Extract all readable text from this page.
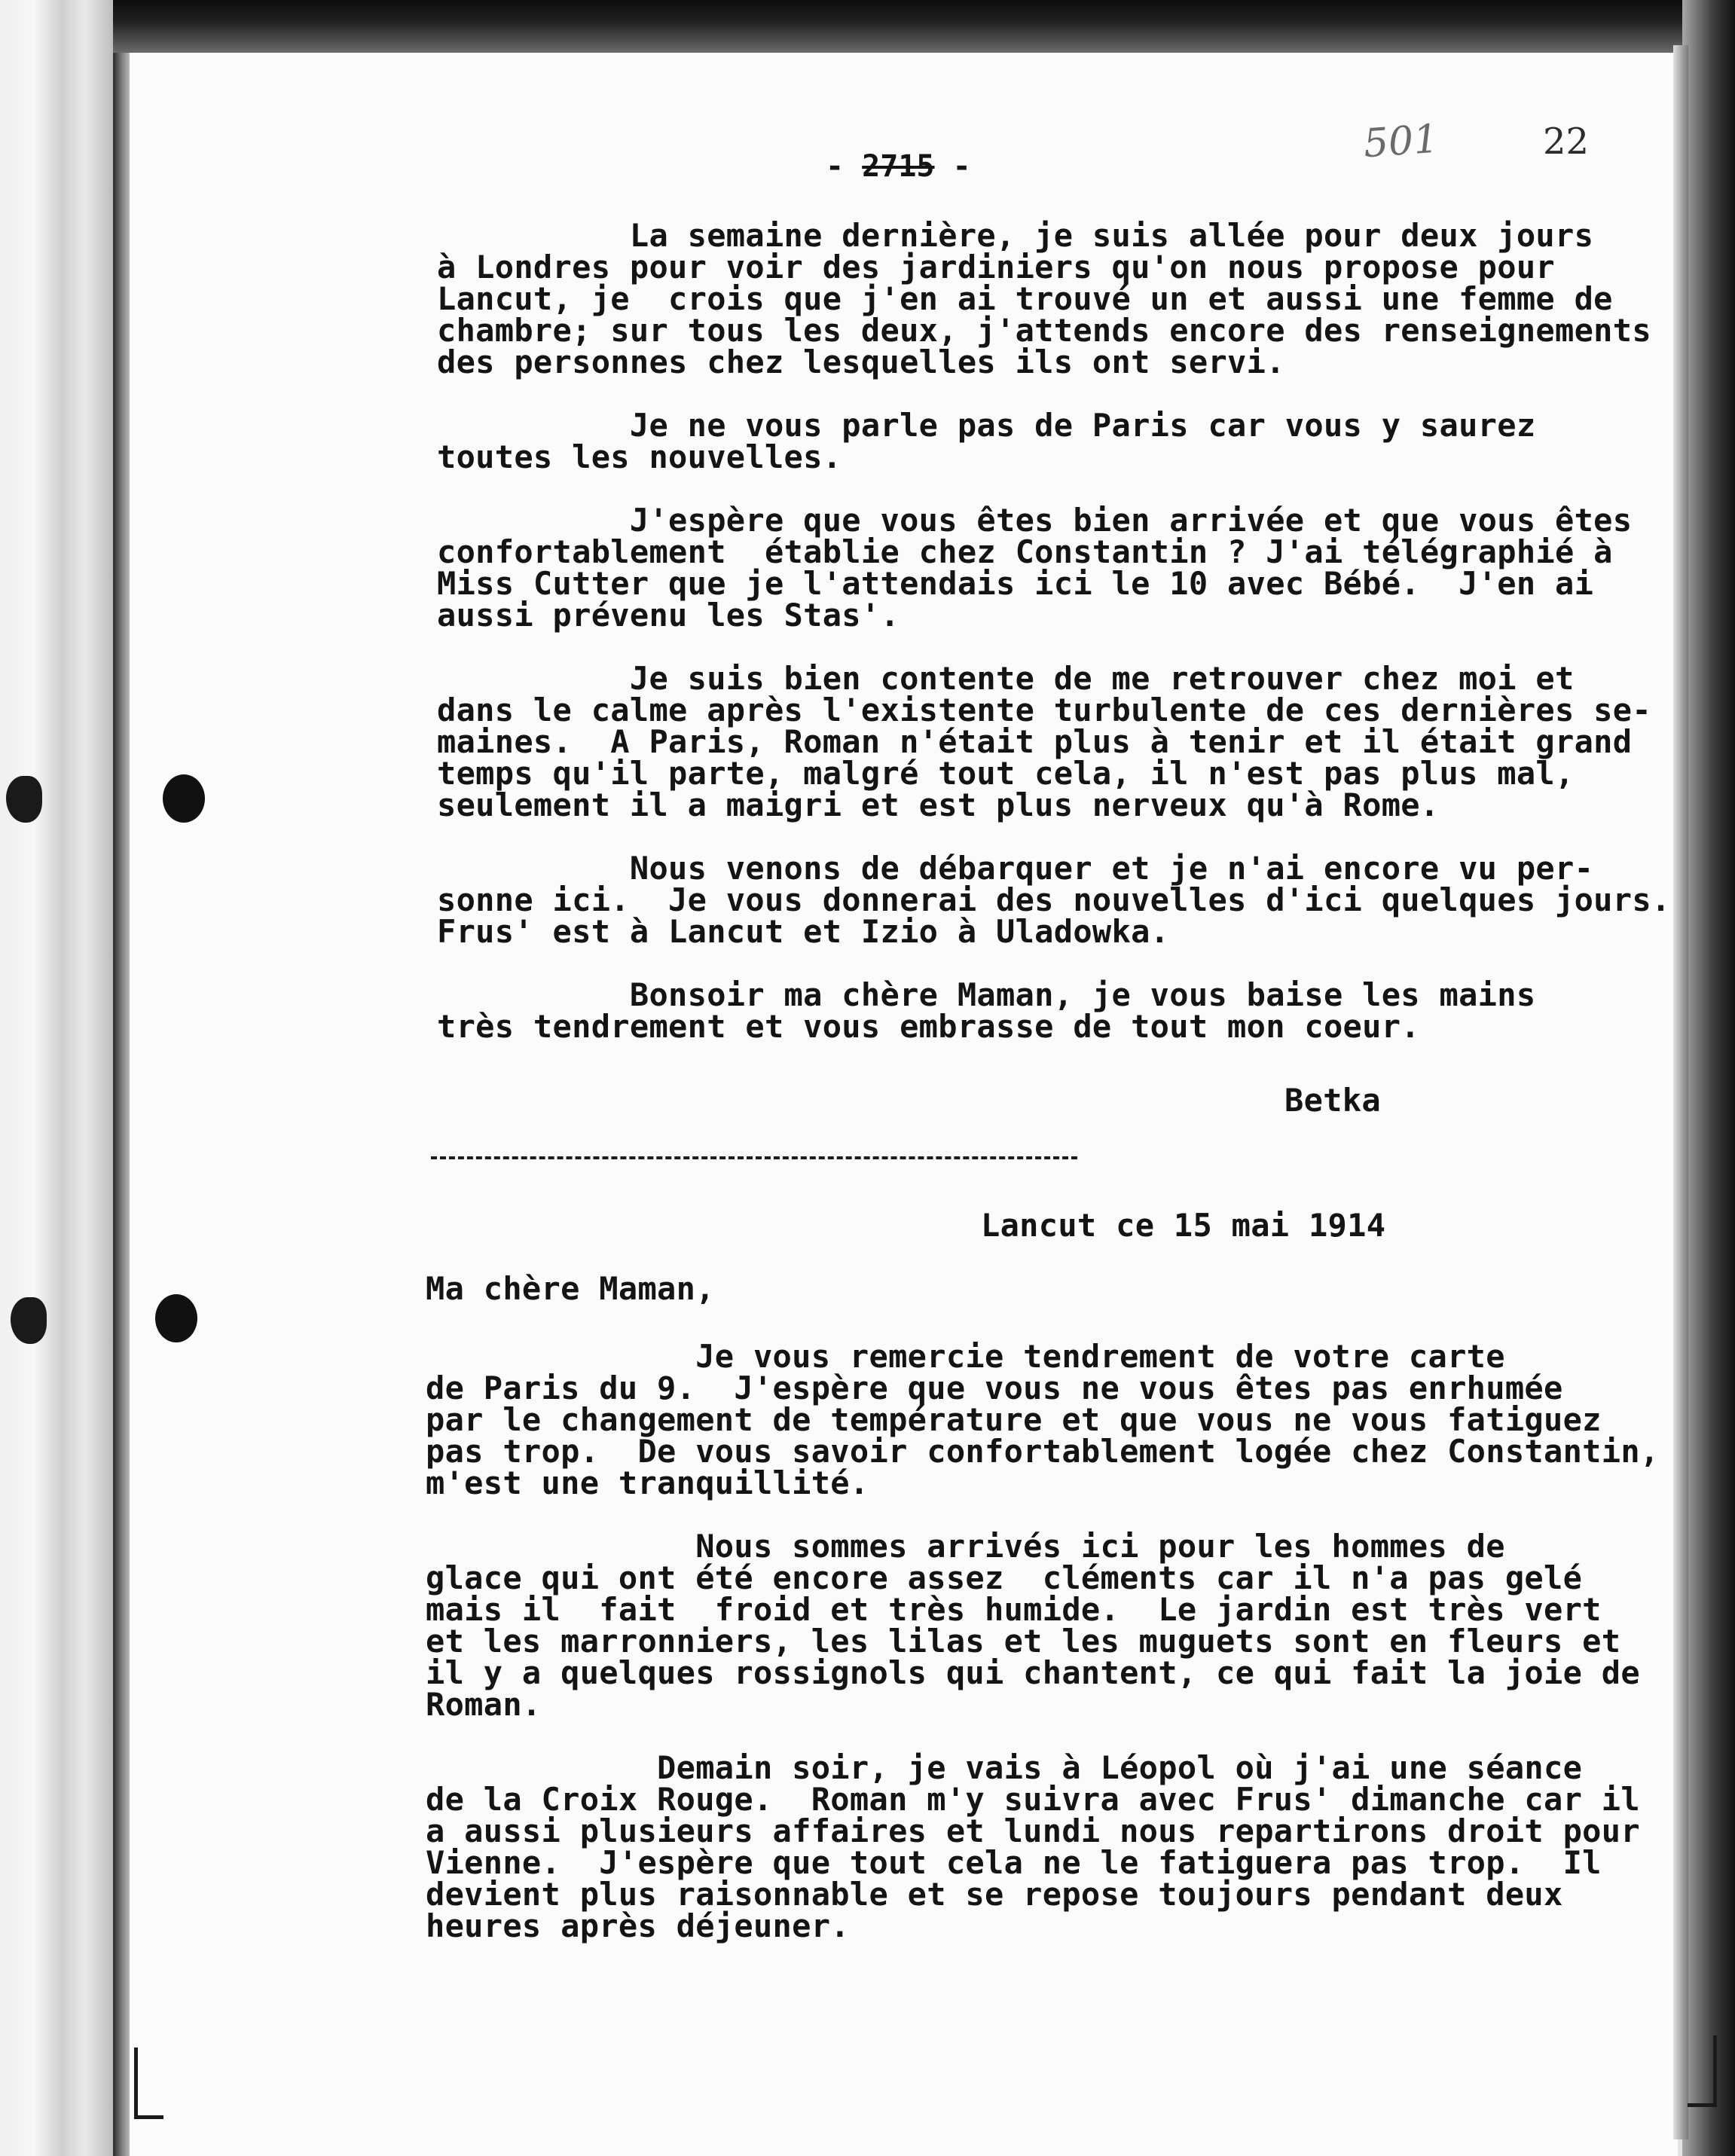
- 2715 -	501	22
La semaine dernière, je suis allée pour deux jours
à Londres pour voir des jardiniers qu'on nous propose pour
Lancut, je  crois que j'en ai trouvé un et aussi une femme de
chambre; sur tous les deux, j'attends encore des renseignements
des personnes chez lesquelles ils ont servi.
Je ne vous parle pas de Paris car vous y saurez
toutes les nouvelles.
J'espère que vous êtes bien arrivée et que vous êtes
confortablement  établie chez Constantin ? J'ai télégraphié à
Miss Cutter que je l'attendais ici le 10 avec Bébé.  J'en ai
aussi prévenu les Stas'.
Je suis bien contente de me retrouver chez moi et
dans le calme après l'existente turbulente de ces dernières se-
maines.  A Paris, Roman n'était plus à tenir et il était grand
temps qu'il parte, malgré tout cela, il n'est pas plus mal,
seulement il a maigri et est plus nerveux qu'à Rome.
Nous venons de débarquer et je n'ai encore vu per-
sonne ici.  Je vous donnerai des nouvelles d'ici quelques jours.
Frus' est à Lancut et Izio à Uladowka.
Bonsoir ma chère Maman, je vous baise les mains
très tendrement et vous embrasse de tout mon coeur.
Betka
Lancut ce 15 mai 1914
Ma chère Maman,
Je vous remercie tendrement de votre carte
de Paris du 9.  J'espère que vous ne vous êtes pas enrhumée
par le changement de température et que vous ne vous fatiguez
pas trop.  De vous savoir confortablement logée chez Constantin,
m'est une tranquillité.
Nous sommes arrivés ici pour les hommes de
glace qui ont été encore assez  cléments car il n'a pas gelé
mais il  fait  froid et très humide.  Le jardin est très vert
et les marronniers, les lilas et les muguets sont en fleurs et
il y a quelques rossignols qui chantent, ce qui fait la joie de
Roman.
Demain soir, je vais à Léopol où j'ai une séance
de la Croix Rouge.  Roman m'y suivra avec Frus' dimanche car il
a aussi plusieurs affaires et lundi nous repartirons droit pour
Vienne.  J'espère que tout cela ne le fatiguera pas trop.  Il
devient plus raisonnable et se repose toujours pendant deux
heures après déjeuner.
